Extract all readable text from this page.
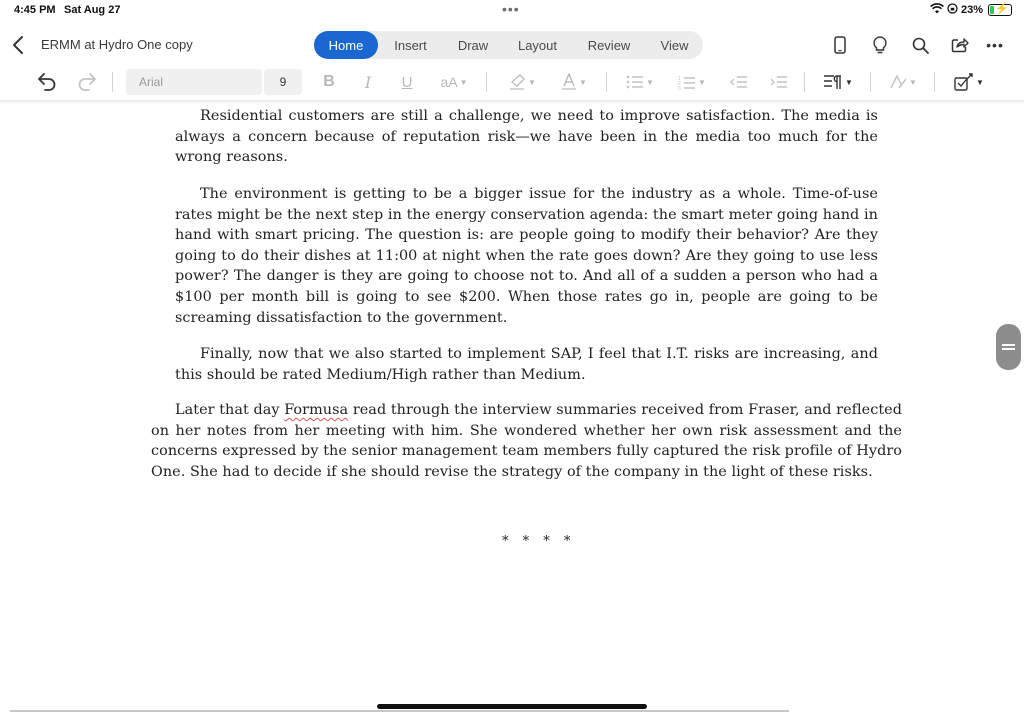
4:45 PM Sat Aug 27	•••	23% ⚡
ERMM at Hydro One copy	Home	Insert	Draw	Layout	Review	View	•••
Arial	9	B	I	U aA ▼	▼	▼	▼	1
2
3
▼	▼	▼	▼

Residential customers are still a challenge, we need to improve satisfaction. The media is always a concern because of reputation risk—we have been in the media too much for the wrong reasons.

The environment is getting to be a bigger issue for the industry as a whole. Time-of-use rates might be the next step in the energy conservation agenda: the smart meter going hand in hand with smart pricing. The question is: are people going to modify their behavior? Are they going to do their dishes at 11:00 at night when the rate goes down? Are they going to use less power? The danger is they are going to choose not to. And all of a sudden a person who had a $100 per month bill is going to see $200. When those rates go in, people are going to be screaming dissatisfaction to the government.

Finally, now that we also started to implement SAP, I feel that I.T. risks are increasing, and this should be rated Medium/High rather than Medium.

Later that day Formusa read through the interview summaries received from Fraser, and reflected on her notes from her meeting with him. She wondered whether her own risk assessment and the concerns expressed by the senior management team members fully captured the risk profile of Hydro One. She had to decide if she should revise the strategy of the company in the light of these risks.

* * * *
